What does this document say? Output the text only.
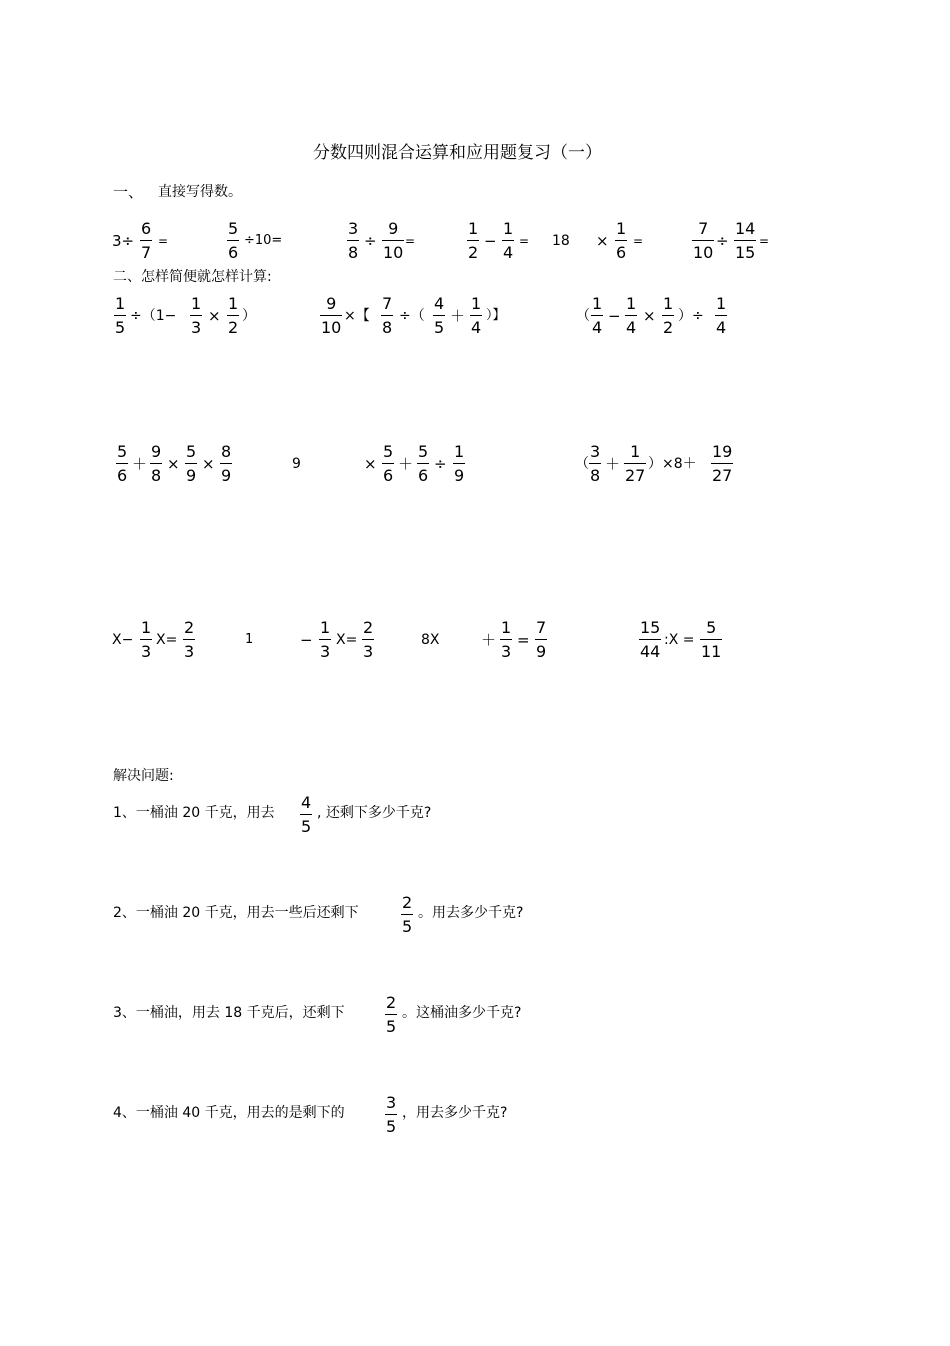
分数四则混合运算和应用题复习（一）
一、 直接写得数。
3÷
6
7
=
5
6
÷10=
3
8
÷
9
10
=
1
2
−
1
4
= 18 ×
1
6
=
7
10
÷
14
15
=
二、怎样简便就怎样计算:
1
5
÷（1−
1
3
×
1
2
）
9
10
×【
7
8
÷（
4
5
＋
1
4
）】	（
1
4
−
1
4
×
1
2
）÷
1
4
5
6
＋
9
8
×
5
9
×
8
9
9	×
5
6
＋
5
6
÷
1
9
（
3
8
＋
1
27
）×8＋
19
27
X−
1
3
X=
2
3
1	−
1
3
X=
2
3
8X	＋
1
3
=
7
9
15
44
:X =
5
11
解决问题:
1、一桶油 20 千克，用去
4
5
, 还剩下多少千克?
2、一桶油 20 千克，用去一些后还剩下
2
5
。用去多少千克?
3、一桶油，用去 18 千克后，还剩下
2
5
。这桶油多少千克?
4、一桶油 40 千克，用去的是剩下的
3
5
，用去多少千克?
